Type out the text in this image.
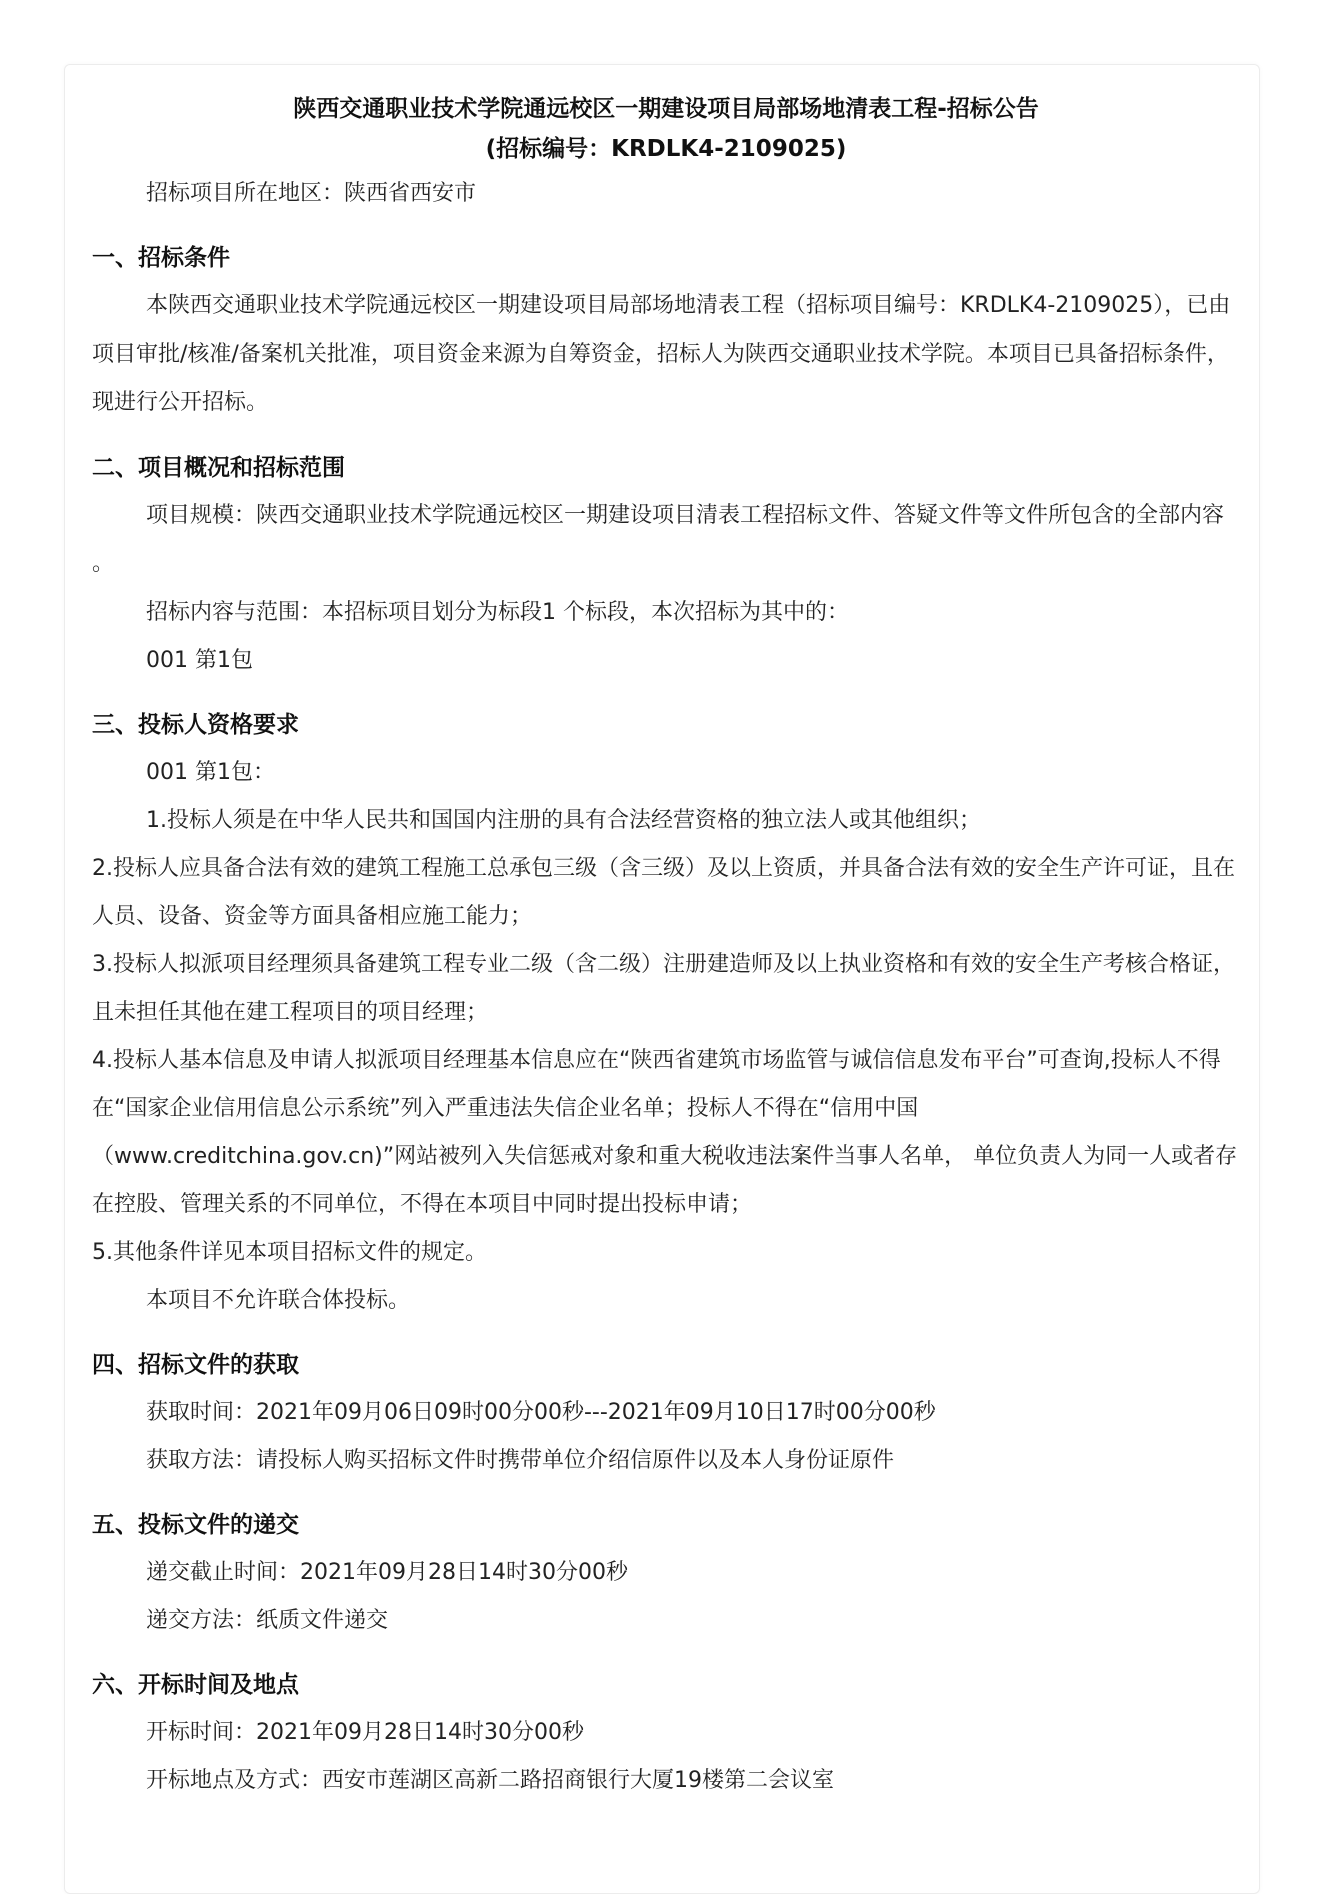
陕西交通职业技术学院通远校区一期建设项目局部场地清表工程-招标公告
(招标编号：KRDLK4-2109025)
招标项目所在地区：陕西省西安市
一、招标条件
本陕西交通职业技术学院通远校区一期建设项目局部场地清表工程（招标项目编号：KRDLK4-2109025），已由项目审批/核准/备案机关批准，项目资金来源为自筹资金，招标人为陕西交通职业技术学院。本项目已具备招标条件，现进行公开招标。
二、项目概况和招标范围
项目规模：陕西交通职业技术学院通远校区一期建设项目清表工程招标文件、答疑文件等文件所包含的全部内容 。
招标内容与范围：本招标项目划分为标段1 个标段，本次招标为其中的：
001 第1包
三、投标人资格要求
001 第1包：
1.投标人须是在中华人民共和国国内注册的具有合法经营资格的独立法人或其他组织；
2.投标人应具备合法有效的建筑工程施工总承包三级（含三级）及以上资质，并具备合法有效的安全生产许可证，且在人员、设备、资金等方面具备相应施工能力；
3.投标人拟派项目经理须具备建筑工程专业二级（含二级）注册建造师及以上执业资格和有效的安全生产考核合格证，且未担任其他在建工程项目的项目经理；
4.投标人基本信息及申请人拟派项目经理基本信息应在“陕西省建筑市场监管与诚信信息发布平台”可查询,投标人不得在“国家企业信用信息公示系统”列入严重违法失信企业名单；投标人不得在“信用中国（www.creditchina.gov.cn)”网站被列入失信惩戒对象和重大税收违法案件当事人名单， 单位负责人为同一人或者存在控股、管理关系的不同单位，不得在本项目中同时提出投标申请；
5.其他条件详见本项目招标文件的规定。
本项目不允许联合体投标。
四、招标文件的获取
获取时间：2021年09月06日09时00分00秒---2021年09月10日17时00分00秒
获取方法：请投标人购买招标文件时携带单位介绍信原件以及本人身份证原件
五、投标文件的递交
递交截止时间：2021年09月28日14时30分00秒
递交方法：纸质文件递交
六、开标时间及地点
开标时间：2021年09月28日14时30分00秒
开标地点及方式：西安市莲湖区高新二路招商银行大厦19楼第二会议室
